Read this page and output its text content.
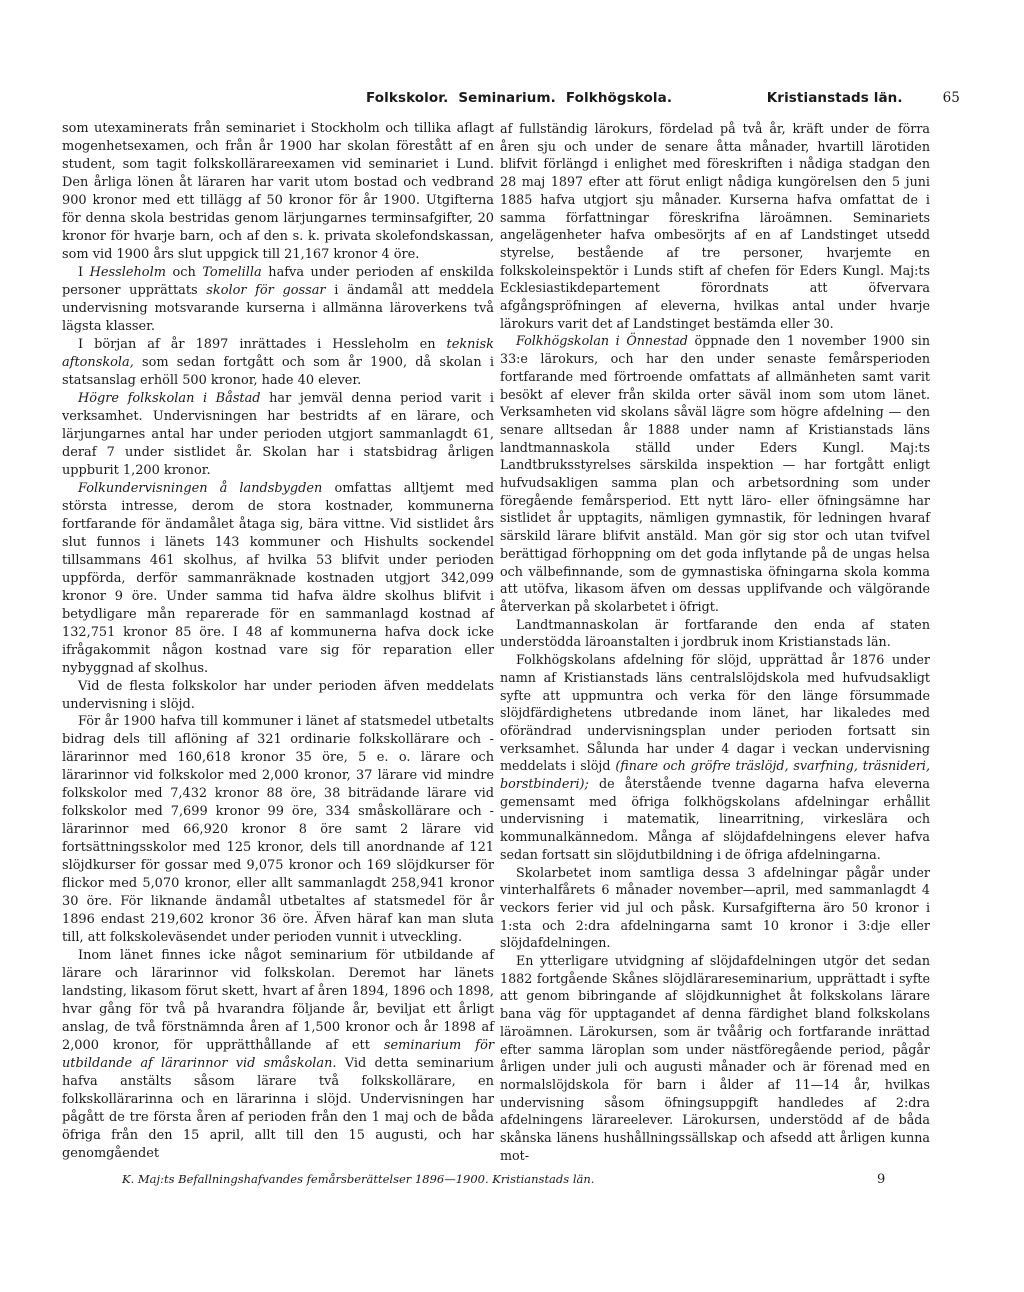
Folkskolor. Seminarium. Folkhögskola.	Kristianstads län.	65

som utexaminerats från seminariet i Stockholm och tillika aflagt mogenhetsexamen, och från år 1900 har skolan förestått af en student, som tagit folkskollärareexamen vid seminariet i Lund. Den årliga lönen åt läraren har varit utom bostad och vedbrand 900 kronor med ett tillägg af 50 kronor för år 1900. Utgifterna för denna skola bestridas genom lärjungarnes terminsafgifter, 20 kronor för hvarje barn, och af den s. k. privata skolefondskassan, som vid 1900 års slut uppgick till 21,167 kronor 4 öre.

I Hessleholm och Tomelilla hafva under perioden af enskilda personer upprättats skolor för gossar i ändamål att meddela undervisning motsvarande kurserna i allmänna läroverkens två lägsta klasser.

I början af år 1897 inrättades i Hessleholm en teknisk aftonskola, som sedan fortgått och som år 1900, då skolan i statsanslag erhöll 500 kronor, hade 40 elever.

Högre folkskolan i Båstad har jemväl denna period varit i verksamhet. Undervisningen har bestridts af en lärare, och lärjungarnes antal har under perioden utgjort sammanlagdt 61, deraf 7 under sistlidet år. Skolan har i statsbidrag årligen uppburit 1,200 kronor.

Folkundervisningen å landsbygden omfattas alltjemt med största intresse, derom de stora kostnader, kommunerna fortfarande för ändamålet åtaga sig, bära vittne. Vid sistlidet års slut funnos i länets 143 kommuner och Hishults sockendel tillsammans 461 skolhus, af hvilka 53 blifvit under perioden uppförda, derför sammanräknade kostnaden utgjort 342,099 kronor 9 öre. Under samma tid hafva äldre skolhus blifvit i betydligare mån reparerade för en sammanlagd kostnad af 132,751 kronor 85 öre. I 48 af kommunerna hafva dock icke ifrågakommit någon kostnad vare sig för reparation eller nybyggnad af skolhus.

Vid de flesta folkskolor har under perioden äfven meddelats undervisning i slöjd.

För år 1900 hafva till kommuner i länet af statsmedel utbetalts bidrag dels till aflöning af 321 ordinarie folkskollärare och -lärarinnor med 160,618 kronor 35 öre, 5 e. o. lärare och lärarinnor vid folkskolor med 2,000 kronor, 37 lärare vid mindre folkskolor med 7,432 kronor 88 öre, 38 biträdande lärare vid folkskolor med 7,699 kronor 99 öre, 334 småskollärare och -lärarinnor med 66,920 kronor 8 öre samt 2 lärare vid fortsättningsskolor med 125 kronor, dels till anordnande af 121 slöjdkurser för gossar med 9,075 kronor och 169 slöjdkurser för flickor med 5,070 kronor, eller allt sammanlagdt 258,941 kronor 30 öre. För liknande ändamål utbetaltes af statsmedel för år 1896 endast 219,602 kronor 36 öre. Äfven häraf kan man sluta till, att folkskoleväsendet under perioden vunnit i utveckling.

Inom länet finnes icke något seminarium för utbildande af lärare och lärarinnor vid folkskolan. Deremot har länets landsting, likasom förut skett, hvart af åren 1894, 1896 och 1898, hvar gång för två på hvarandra följande år, beviljat ett årligt anslag, de två förstnämnda åren af 1,500 kronor och år 1898 af 2,000 kronor, för upprätthållande af ett seminarium för utbildande af lärarinnor vid småskolan. Vid detta seminarium hafva anstälts såsom lärare två folkskollärare, en folkskollärarinna och en lärarinna i slöjd. Undervisningen har pågått de tre första åren af perioden från den 1 maj och de båda öfriga från den 15 april, allt till den 15 augusti, och har genomgåendet

af fullständig lärokurs, fördelad på två år, kräft under de förra åren sju och under de senare åtta månader, hvartill lärotiden blifvit förlängd i enlighet med föreskriften i nådiga stadgan den 28 maj 1897 efter att förut enligt nådiga kungörelsen den 5 juni 1885 hafva utgjort sju månader. Kurserna hafva omfattat de i samma författningar föreskrifna läroämnen. Seminariets angelägenheter hafva ombesörjts af en af Landstinget utsedd styrelse, bestående af tre personer, hvarjemte en folkskoleinspektör i Lunds stift af chefen för Eders Kungl. Maj:ts Ecklesiastikdepartement förordnats att öfvervara afgångspröfningen af eleverna, hvilkas antal under hvarje lärokurs varit det af Landstinget bestämda eller 30.

Folkhögskolan i Önnestad öppnade den 1 november 1900 sin 33:e lärokurs, och har den under senaste femårsperioden fortfarande med förtroende omfattats af allmänheten samt varit besökt af elever från skilda orter säväl inom som utom länet. Verksamheten vid skolans såväl lägre som högre afdelning — den senare alltsedan år 1888 under namn af Kristianstads läns landtmannaskola ställd under Eders Kungl. Maj:ts Landtbruksstyrelses särskilda inspektion — har fortgått enligt hufvudsakligen samma plan och arbetsordning som under föregående femårsperiod. Ett nytt läro- eller öfningsämne har sistlidet år upptagits, nämligen gymnastik, för ledningen hvaraf särskild lärare blifvit anstäld. Man gör sig stor och utan tvifvel berättigad förhoppning om det goda inflytande på de ungas helsa och välbefinnande, som de gymnastiska öfningarna skola komma att utöfva, likasom äfven om dessas upplifvande och välgörande återverkan på skolarbetet i öfrigt.

Landtmannaskolan är fortfarande den enda af staten understödda läroanstalten i jordbruk inom Kristianstads län.

Folkhögskolans afdelning för slöjd, upprättad år 1876 under namn af Kristianstads läns centralslöjdskola med hufvudsakligt syfte att uppmuntra och verka för den länge försummade slöjdfärdighetens utbredande inom länet, har likaledes med oförändrad undervisningsplan under perioden fortsatt sin verksamhet. Sålunda har under 4 dagar i veckan undervisning meddelats i slöjd (finare och gröfre träslöjd, svarfning, träsnideri, borstbinderi); de återstående tvenne dagarna hafva eleverna gemensamt med öfriga folkhögskolans afdelningar erhållit undervisning i matematik, linearritning, virkeslära och kommunalkännedom. Många af slöjdafdelningens elever hafva sedan fortsatt sin slöjdutbildning i de öfriga afdelningarna.

Skolarbetet inom samtliga dessa 3 afdelningar pågår under vinterhalfårets 6 månader november—april, med sammanlagdt 4 veckors ferier vid jul och påsk. Kursafgifterna äro 50 kronor i 1:sta och 2:dra afdelningarna samt 10 kronor i 3:dje eller slöjdafdelningen.

En ytterligare utvidgning af slöjdafdelningen utgör det sedan 1882 fortgående Skånes slöjdlärareseminarium, upprättadt i syfte att genom bibringande af slöjdkunnighet åt folkskolans lärare bana väg för upptagandet af denna färdighet bland folkskolans läroämnen. Lärokursen, som är tvåårig och fortfarande inrättad efter samma läroplan som under nästföregående period, pågår årligen under juli och augusti månader och är förenad med en normalslöjdskola för barn i ålder af 11—14 år, hvilkas undervisning såsom öfningsuppgift handledes af 2:dra afdelningens lärareelever. Lärokursen, understödd af de båda skånska länens hushållningssällskap och afsedd att årligen kunna mot-

K. Maj:ts Befallningshafvandes femårsberättelser 1896—1900. Kristianstads län.	9
